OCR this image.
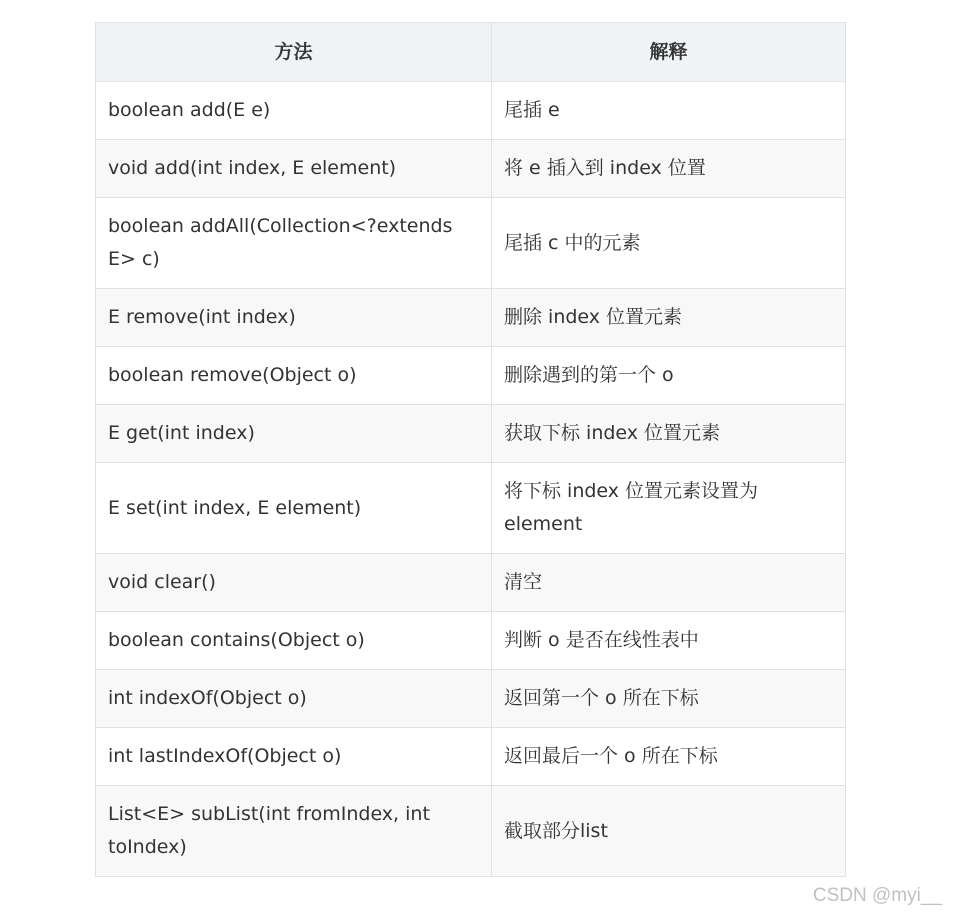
方法	解释
boolean add(E e)	尾插 e
void add(int index, E element)	将 e 插入到 index 位置
boolean addAll(Collection<?extends E> c)	尾插 c 中的元素
E remove(int index)	删除 index 位置元素
boolean remove(Object o)	删除遇到的第一个 o
E get(int index)	获取下标 index 位置元素
E set(int index, E element)	将下标 index 位置元素设置为 element
void clear()	清空
boolean contains(Object o)	判断 o 是否在线性表中
int indexOf(Object o)	返回第一个 o 所在下标
int lastIndexOf(Object o)	返回最后一个 o 所在下标
List<E> subList(int fromIndex, int toIndex)	截取部分list
CSDN @myi__
